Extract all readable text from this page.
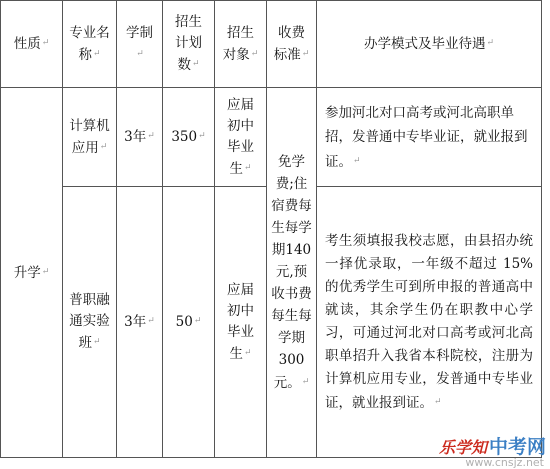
性质↵	专业名称↵	学制↵	招生计划数↵	招生对象↵	收费标准↵	办学模式及毕业待遇↵
升学↵	计算机应用↵	3年↵	350↵	应届初中毕业生↵	免学费;住宿费每生每学期140元,预收书费每生每学期300元。↵	参加河北对口高考或河北高职单招，发普通中专毕业证，就业报到证。↵
	普职融通实验班↵	3年↵	50↵	应届初中毕业生↵		考生须填报我校志愿，由县招办统一择优录取，一年级不超过 15%的优秀学生可到所申报的普通高中就读，其余学生仍在职教中心学习，可通过河北对口高考或河北高职单招升入我省本科院校，注册为计算机应用专业，发普通中专毕业证，就业报到证。↵
乐学知 中考网
www.cnsjz.net
